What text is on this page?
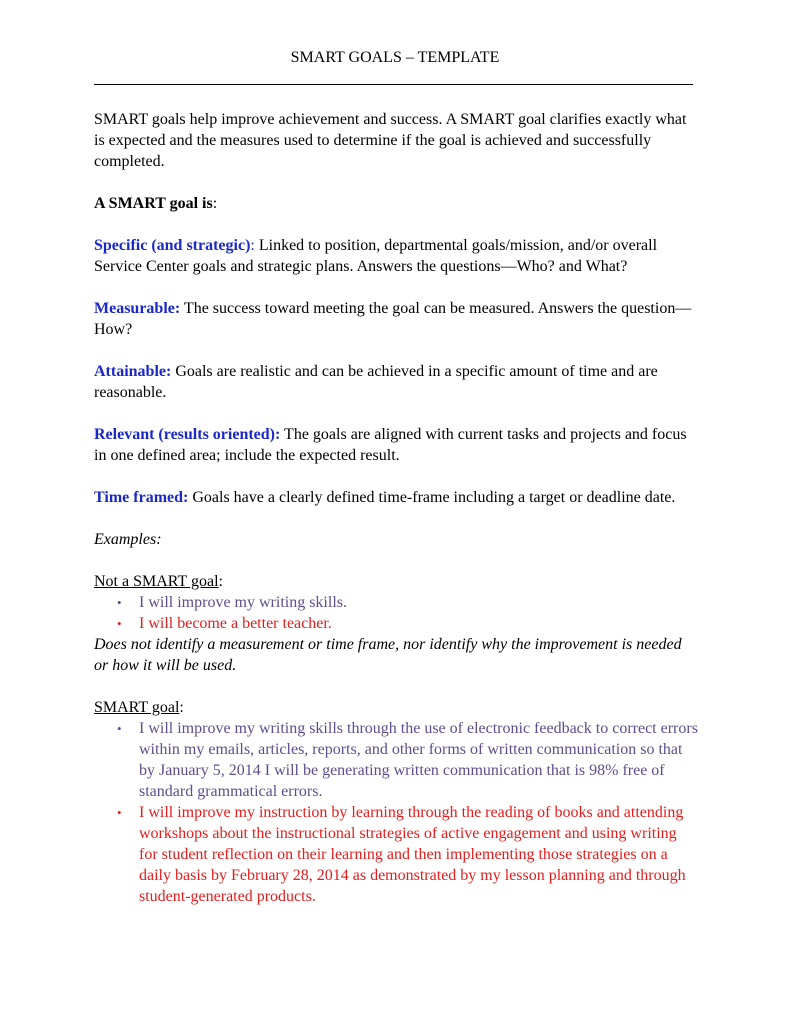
SMART GOALS – TEMPLATE

SMART goals help improve achievement and success. A SMART goal clarifies exactly what is expected and the measures used to determine if the goal is achieved and successfully completed.

A SMART goal is:

Specific (and strategic): Linked to position, departmental goals/mission, and/or overall Service Center goals and strategic plans. Answers the questions—Who? and What?

Measurable: The success toward meeting the goal can be measured. Answers the question—How?

Attainable: Goals are realistic and can be achieved in a specific amount of time and are reasonable.

Relevant (results oriented): The goals are aligned with current tasks and projects and focus in one defined area; include the expected result.

Time framed: Goals have a clearly defined time-frame including a target or deadline date.

Examples:

Not a SMART goal:

• I will improve my writing skills.
• I will become a better teacher.

Does not identify a measurement or time frame, nor identify why the improvement is needed or how it will be used.

SMART goal:

• I will improve my writing skills through the use of electronic feedback to correct errors within my emails, articles, reports, and other forms of written communication so that by January 5, 2014 I will be generating written communication that is 98% free of standard grammatical errors.
• I will improve my instruction by learning through the reading of books and attending workshops about the instructional strategies of active engagement and using writing for student reflection on their learning and then implementing those strategies on a daily basis by February 28, 2014 as demonstrated by my lesson planning and through student-generated products.
